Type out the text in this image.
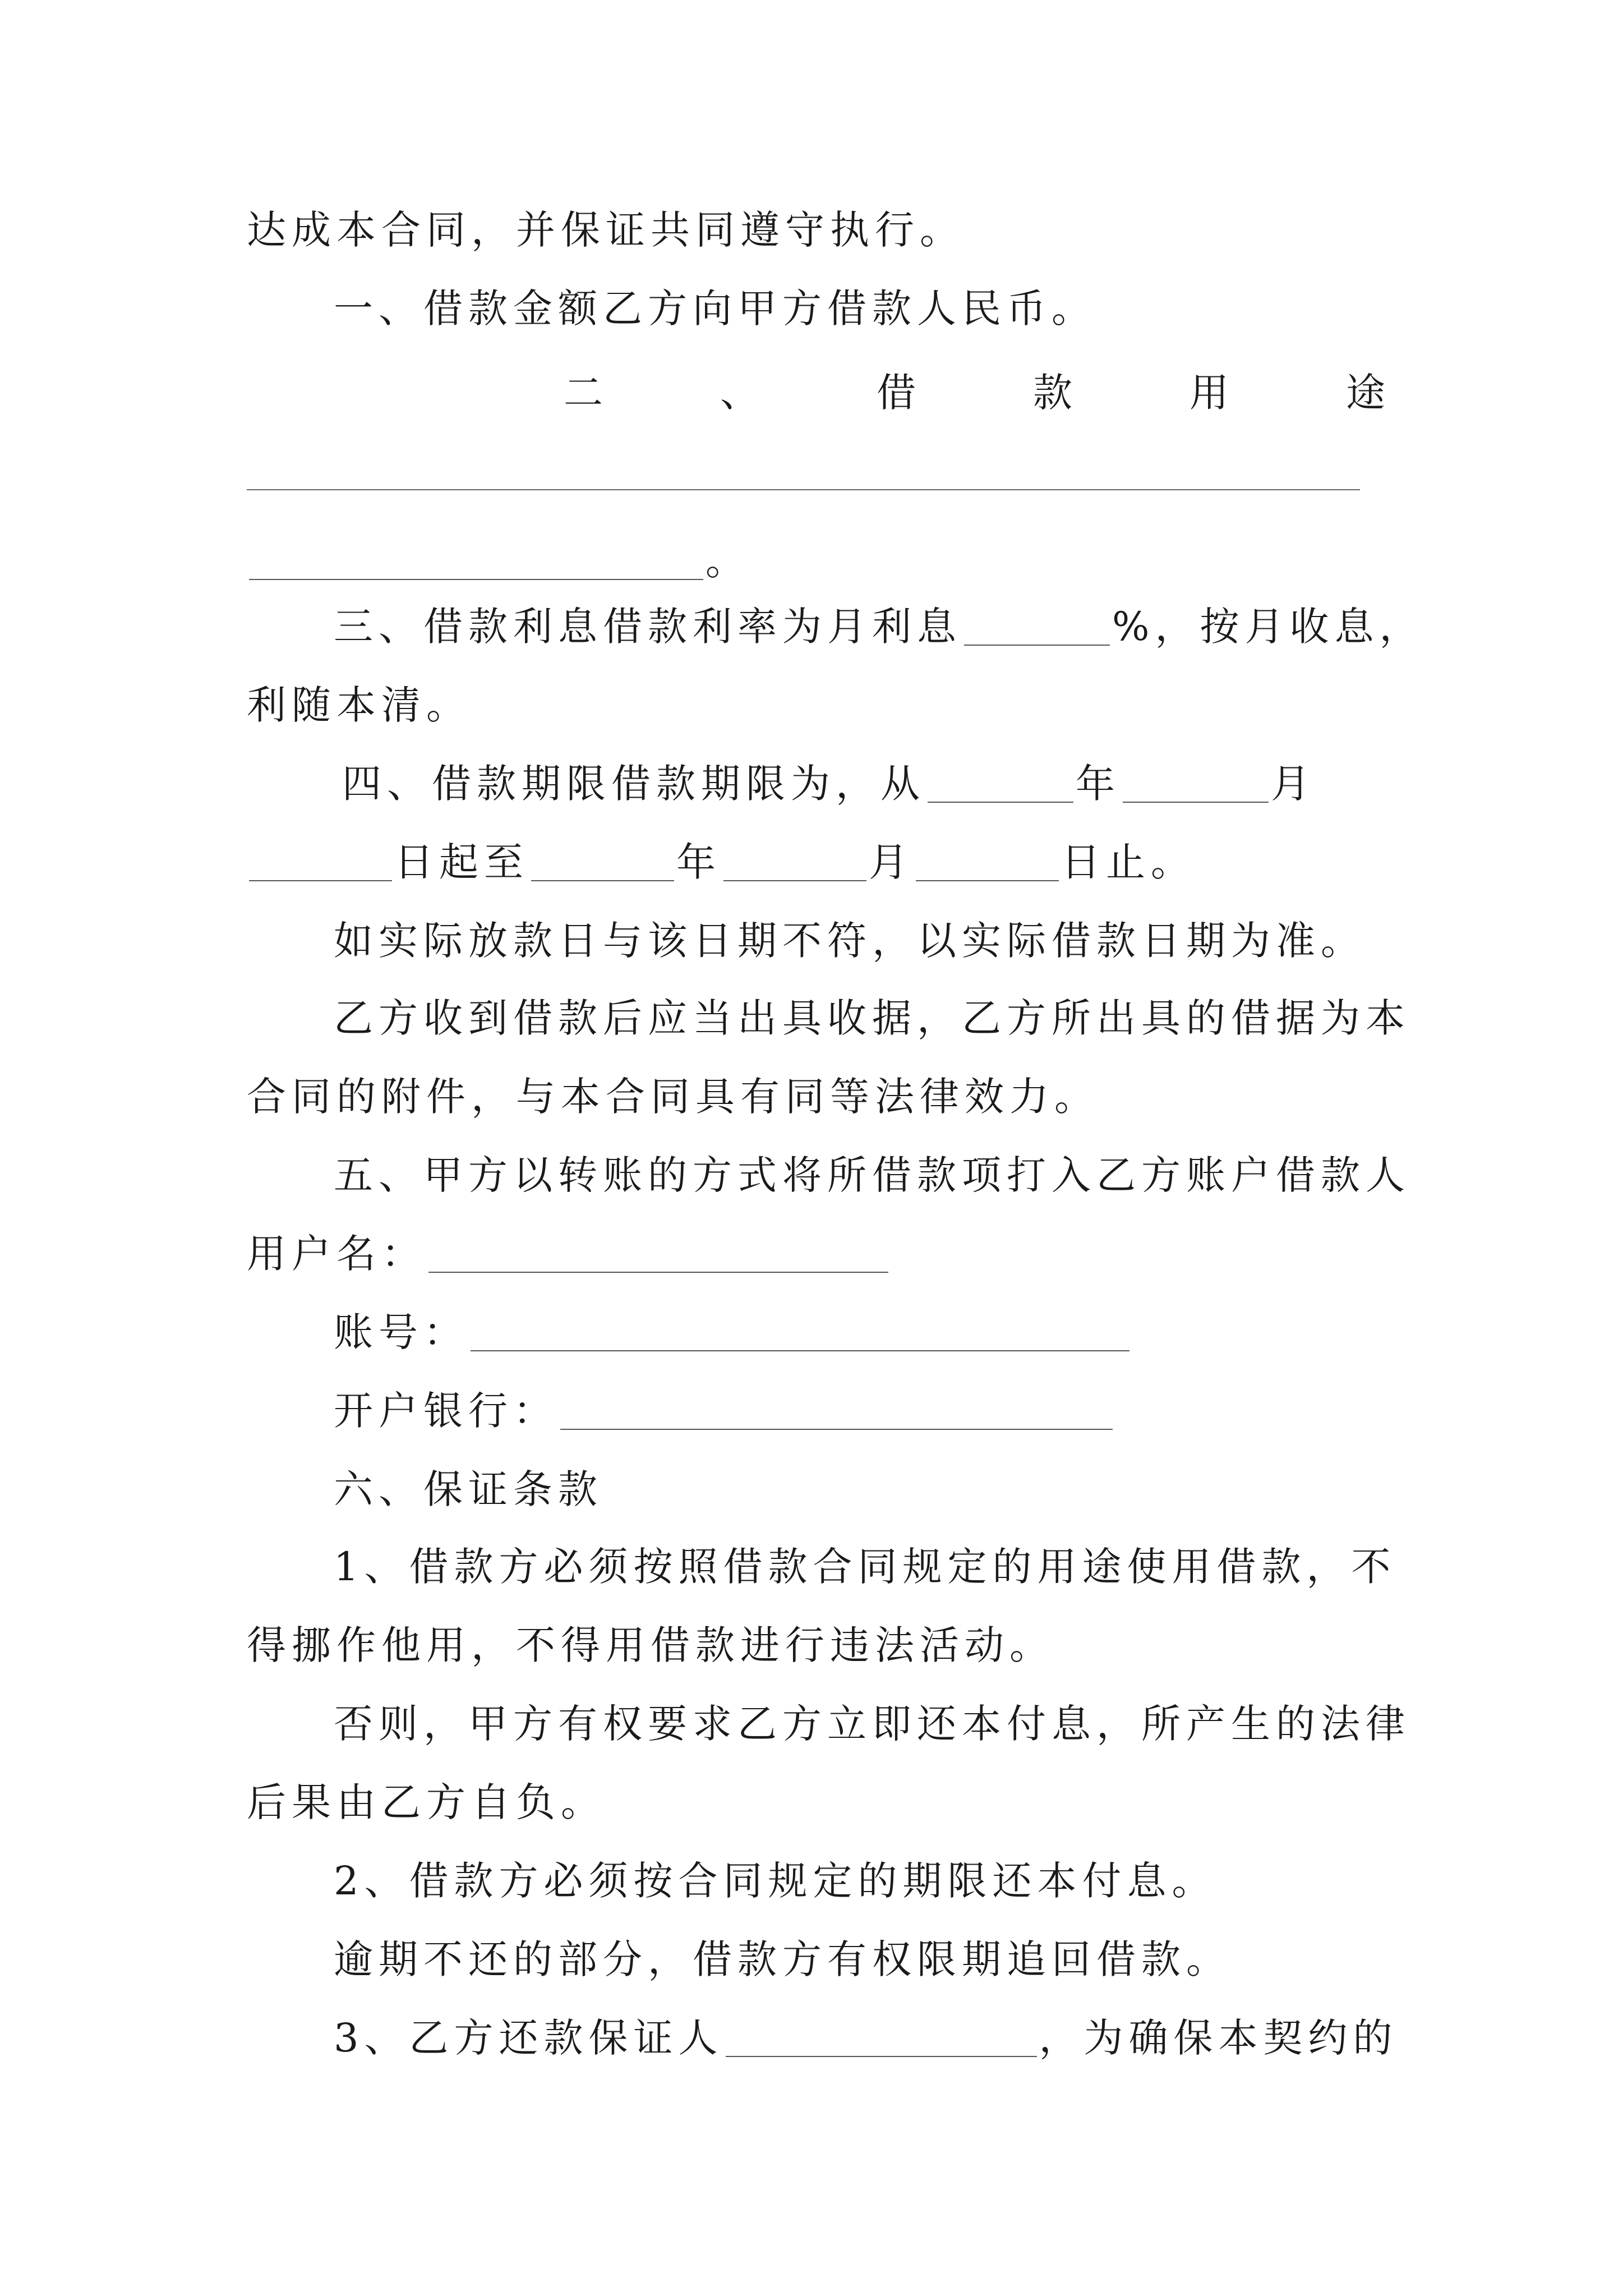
达成本合同，并保证共同遵守执行。
一、借款金额乙方向甲方借款人民币。
二	、	借	款	用	途
。
三、借款利息借款利率为月利息	%，按月收息，
利随本清。
四、借款期限借款期限为，从	年	月
日起至	年	月	日止。
如实际放款日与该日期不符，以实际借款日期为准。
乙方收到借款后应当出具收据，乙方所出具的借据为本
合同的附件，与本合同具有同等法律效力。
五、甲方以转账的方式将所借款项打入乙方账户借款人
用户名：
账号：
开户银行：
六、保证条款
1、借款方必须按照借款合同规定的用途使用借款，不
得挪作他用，不得用借款进行违法活动。
否则，甲方有权要求乙方立即还本付息，所产生的法律
后果由乙方自负。
2、借款方必须按合同规定的期限还本付息。
逾期不还的部分，借款方有权限期追回借款。
3、乙方还款保证人	，为确保本契约的
